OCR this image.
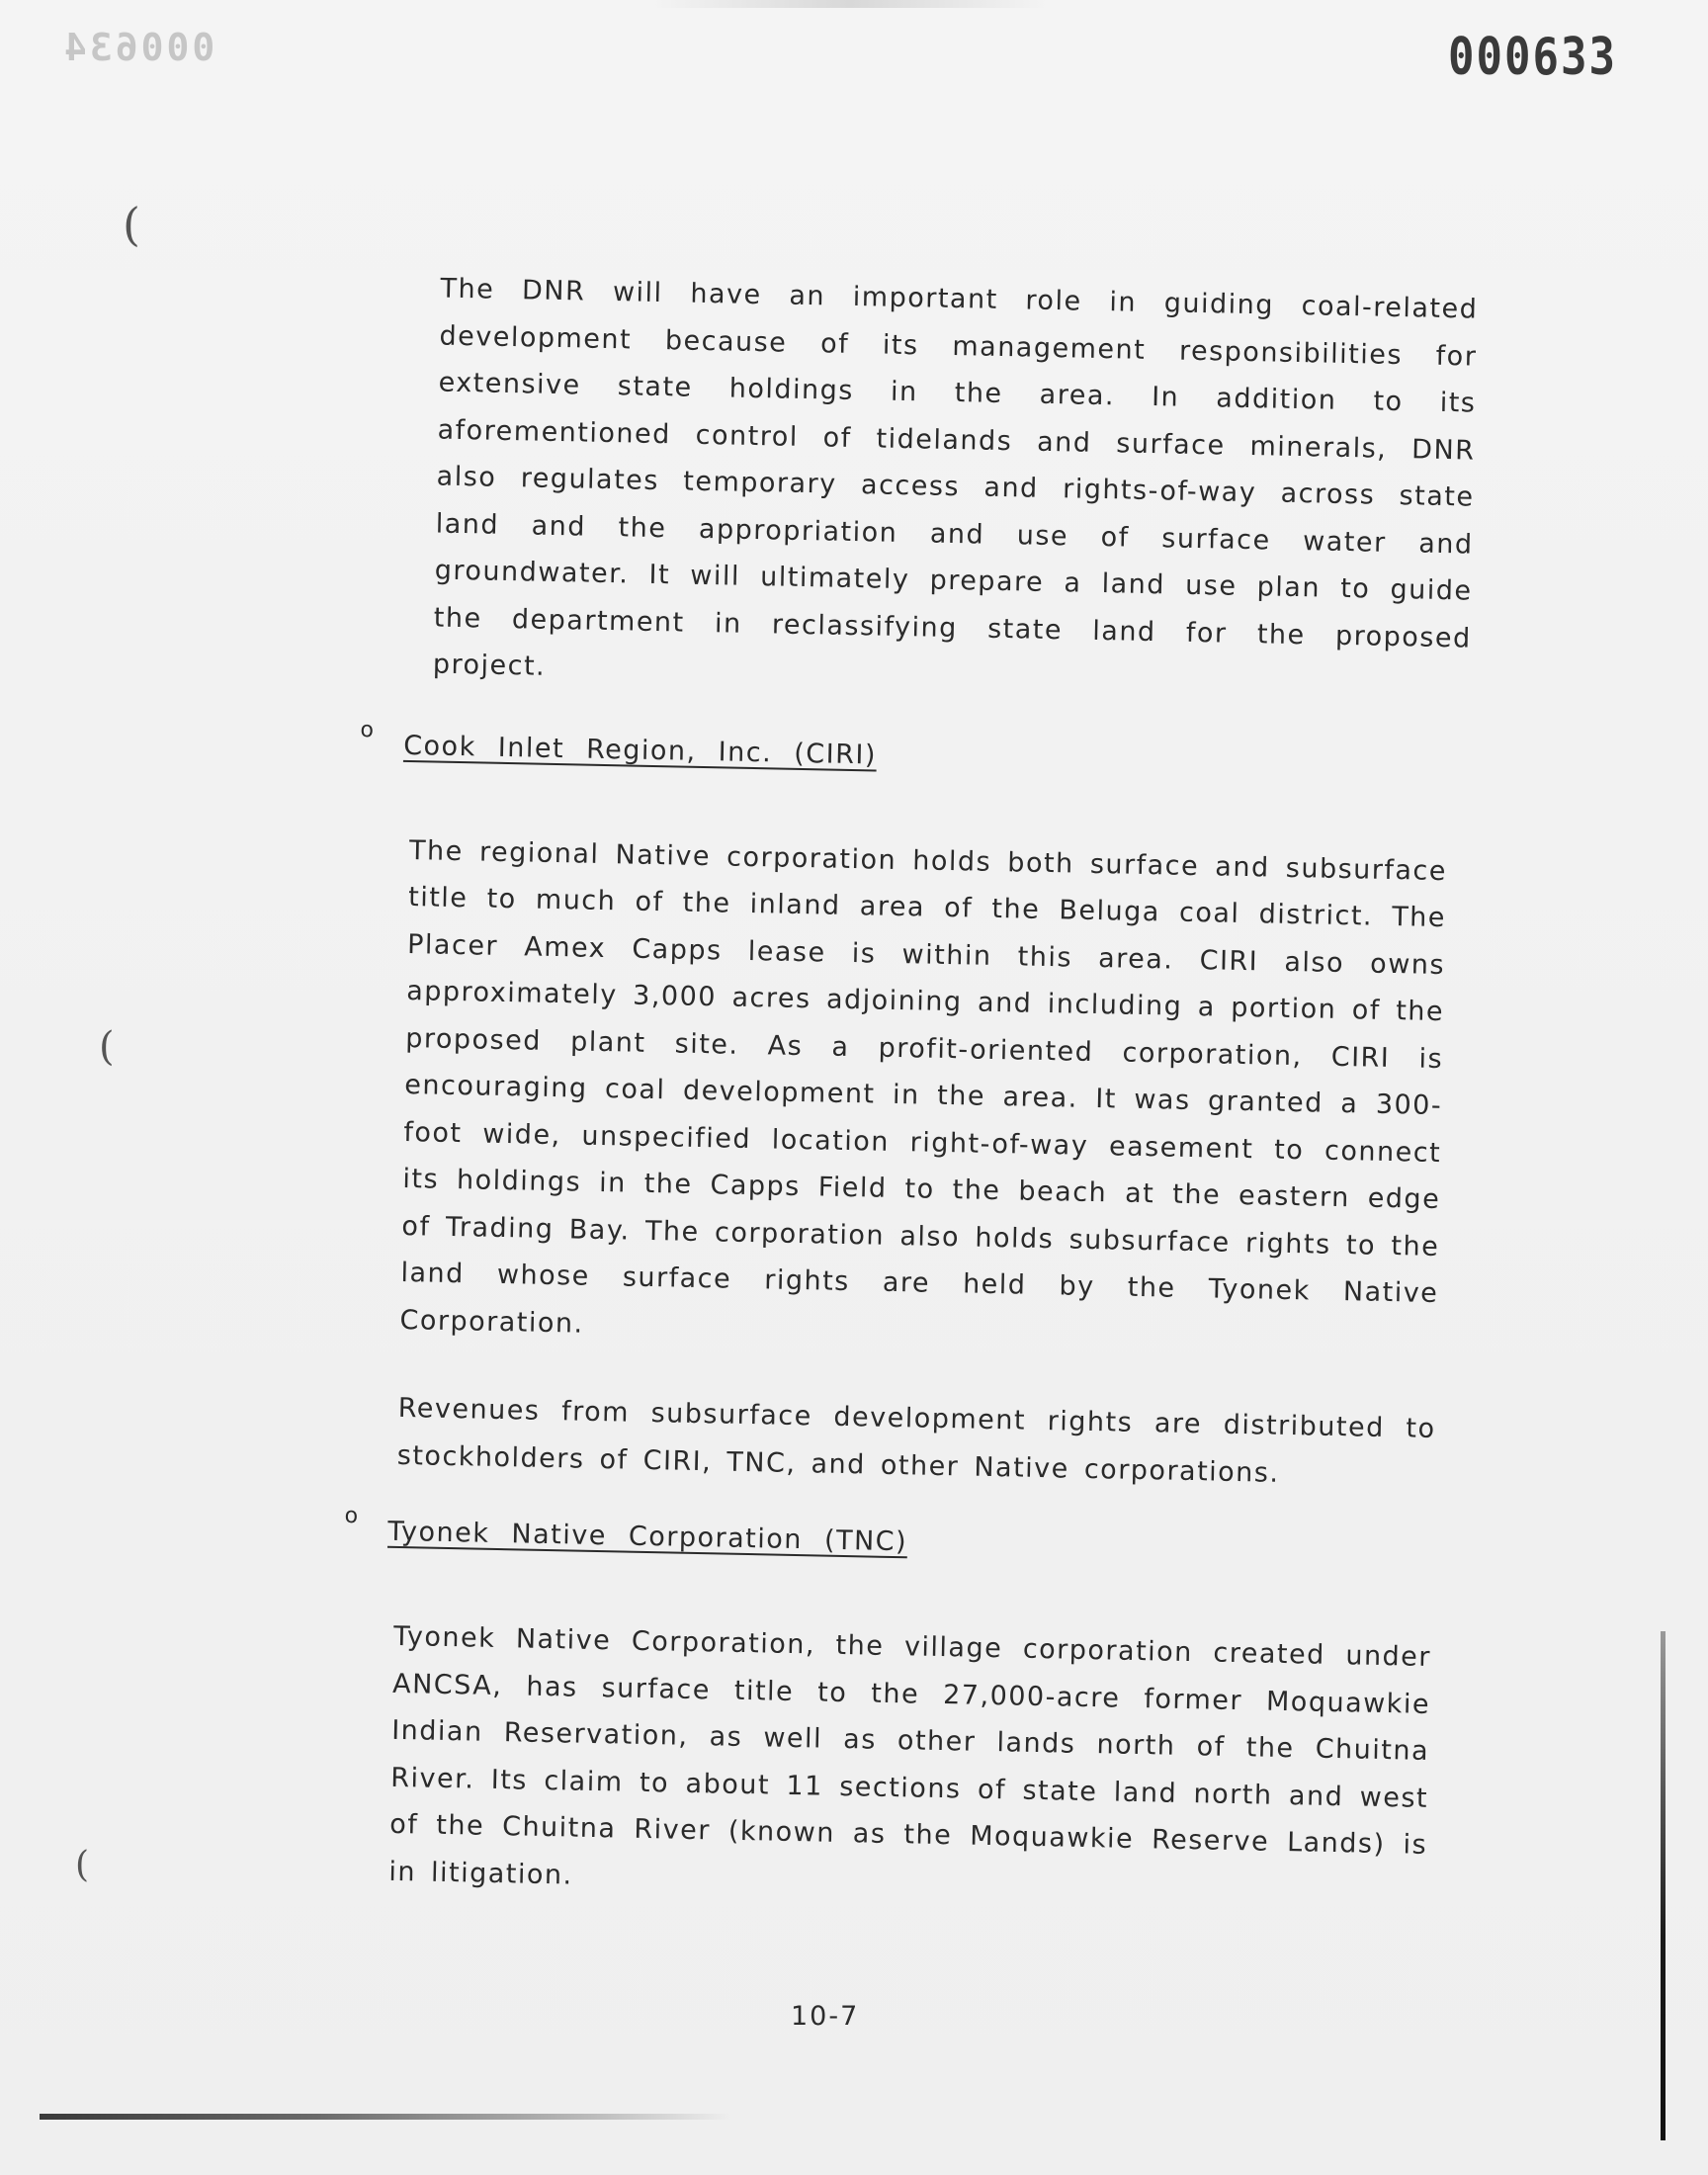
000634	000633
(
(
(

The DNR will have an important role in guiding coal-related development because of its management responsibilities for extensive state holdings in the area. In addition to its aforementioned control of tidelands and surface minerals, DNR also regulates temporary access and rights-of-way across state land and the appropriation and use of surface water and groundwater. It will ultimately prepare a land use plan to guide the department in reclassifying state land for the proposed project.

o
Cook Inlet Region, Inc. (CIRI)

The regional Native corporation holds both surface and subsurface title to much of the inland area of the Beluga coal district. The Placer Amex Capps lease is within this area. CIRI also owns approximately 3,000 acres adjoining and including a portion of the proposed plant site. As a profit-oriented corporation, CIRI is encouraging coal development in the area. It was granted a 300-foot wide, unspecified location right-of-way easement to connect its holdings in the Capps Field to the beach at the eastern edge of Trading Bay. The corporation also holds subsurface rights to the land whose surface rights are held by the Tyonek Native Corporation.

Revenues from subsurface development rights are distributed to stockholders of CIRI, TNC, and other Native corporations.

o
Tyonek Native Corporation (TNC)

Tyonek Native Corporation, the village corporation created under ANCSA, has surface title to the 27,000-acre former Moquawkie Indian Reservation, as well as other lands north of the Chuitna River. Its claim to about 11 sections of state land north and west of the Chuitna River (known as the Moquawkie Reserve Lands) is in litigation.

10-7
